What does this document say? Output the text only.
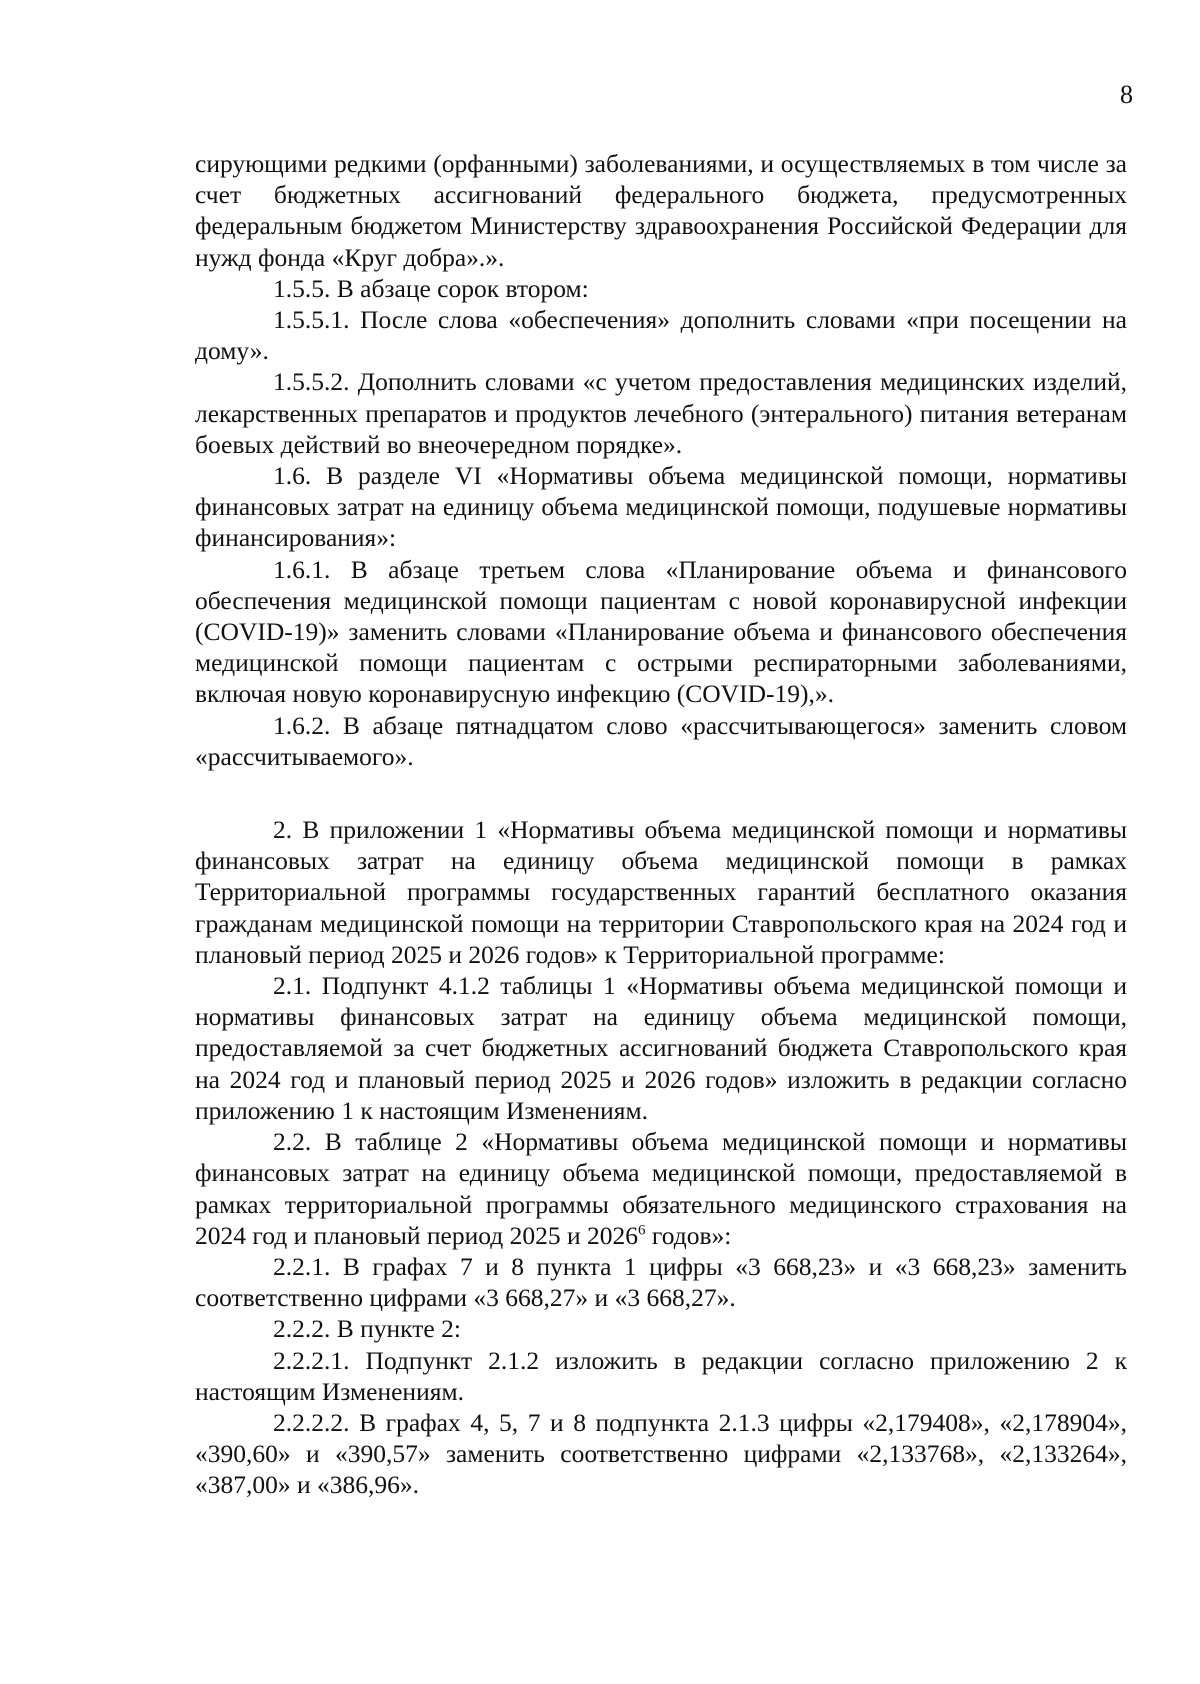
8

сирующими редкими (орфанными) заболеваниями, и осуществляемых в том числе за счет бюджетных ассигнований федерального бюджета, предусмотренных федеральным бюджетом Министерству здравоохранения Российской Федерации для нужд фонда «Круг добра».».

1.5.5. В абзаце сорок втором:

1.5.5.1. После слова «обеспечения» дополнить словами «при посещении на дому».

1.5.5.2. Дополнить словами «с учетом предоставления медицинских изделий, лекарственных препаратов и продуктов лечебного (энтерального) питания ветеранам боевых действий во внеочередном порядке».

1.6. В разделе VI «Нормативы объема медицинской помощи, нормативы финансовых затрат на единицу объема медицинской помощи, подушевые нормативы финансирования»:

1.6.1. В абзаце третьем слова «Планирование объема и финансового обеспечения медицинской помощи пациентам с новой коронавирусной инфекции (COVID-19)» заменить словами «Планирование объема и финансового обеспечения медицинской помощи пациентам с острыми респираторными заболеваниями, включая новую коронавирусную инфекцию (COVID-19),».

1.6.2. В абзаце пятнадцатом слово «рассчитывающегося» заменить словом «рассчитываемого».

2. В приложении 1 «Нормативы объема медицинской помощи и нормативы финансовых затрат на единицу объема медицинской помощи в рамках Территориальной программы государственных гарантий бесплатного оказания гражданам медицинской помощи на территории Ставропольского края на 2024 год и плановый период 2025 и 2026 годов» к Территориальной программе:

2.1. Подпункт 4.1.2 таблицы 1 «Нормативы объема медицинской помощи и нормативы финансовых затрат на единицу объема медицинской помощи, предоставляемой за счет бюджетных ассигнований бюджета Ставропольского края на 2024 год и плановый период 2025 и 2026 годов» изложить в редакции согласно приложению 1 к настоящим Изменениям.

2.2. В таблице 2 «Нормативы объема медицинской помощи и нормативы финансовых затрат на единицу объема медицинской помощи, предоставляемой в рамках территориальной программы обязательного медицинского страхования на 2024 год и плановый период 2025 и 2026$^6$ годов»:

2.2.1. В графах 7 и 8 пункта 1 цифры «3 668,23» и «3 668,23» заменить соответственно цифрами «3 668,27» и «3 668,27».

2.2.2. В пункте 2:

2.2.2.1. Подпункт 2.1.2 изложить в редакции согласно приложению 2 к настоящим Изменениям.

2.2.2.2. В графах 4, 5, 7 и 8 подпункта 2.1.3 цифры «2,179408», «2,178904», «390,60» и «390,57» заменить соответственно цифрами «2,133768», «2,133264», «387,00» и «386,96».
